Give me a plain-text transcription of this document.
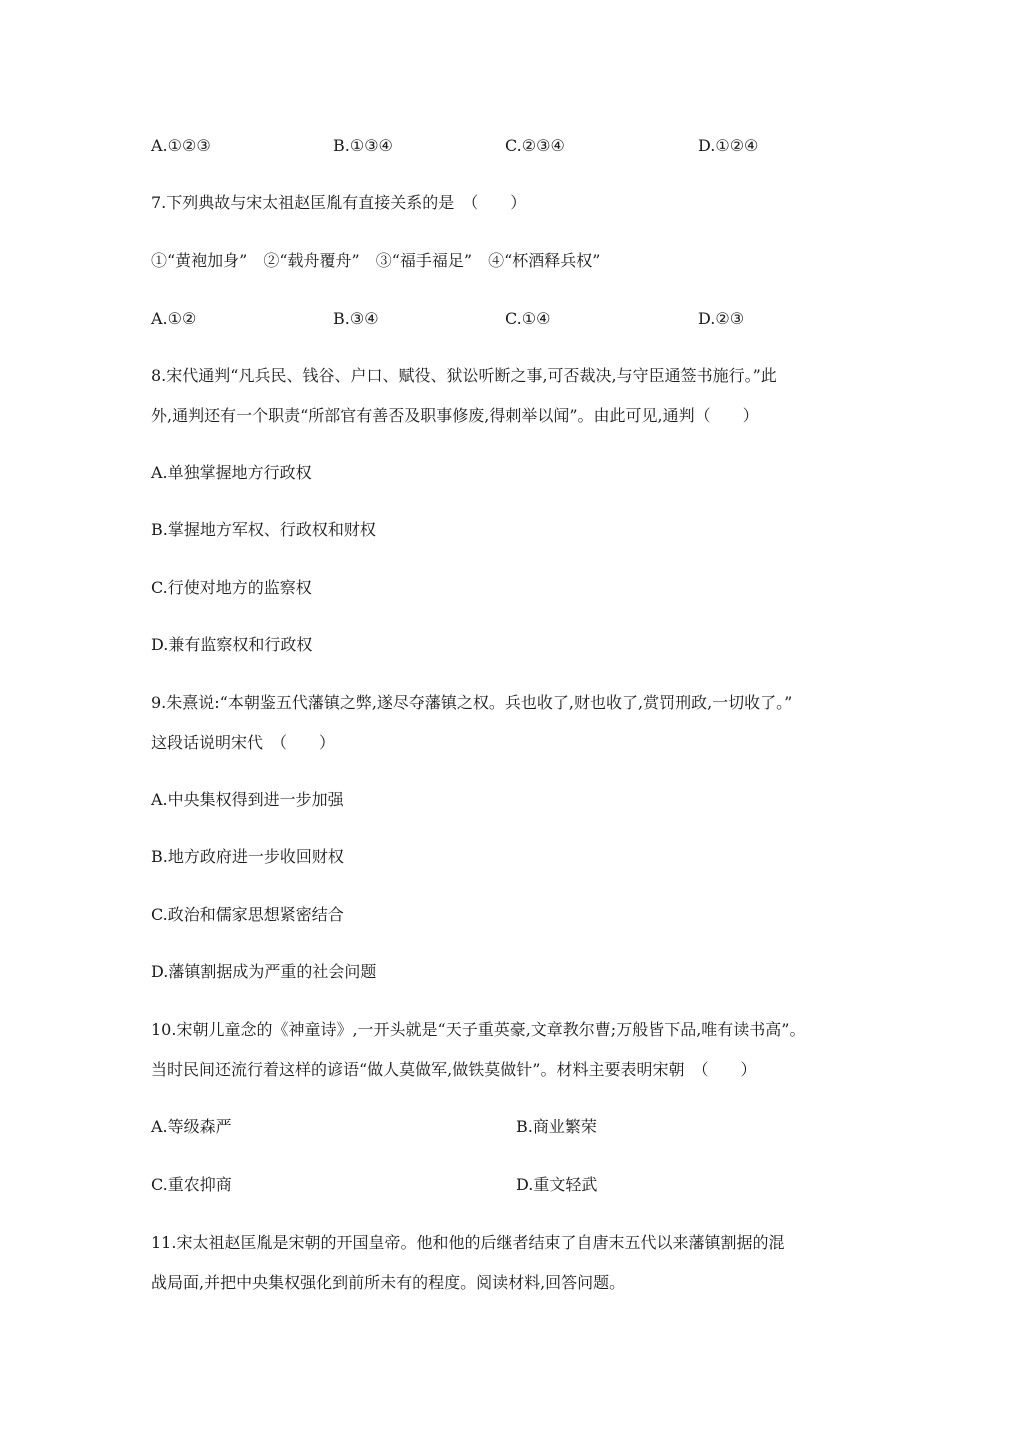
A.①②③	B.①③④	C.②③④	D.①②④
7.下列典故与宋太祖赵匡胤有直接关系的是　（　　）
①“黄袍加身”　②“载舟覆舟”　③“福手福足”　④“杯酒释兵权”
A.①②	B.③④	C.①④	D.②③
8.宋代通判“凡兵民、钱谷、户口、赋役、狱讼听断之事,可否裁决,与守臣通签书施行。”此
外,通判还有一个职责“所部官有善否及职事修废,得刺举以闻”。由此可见,通判（　　）
A.单独掌握地方行政权
B.掌握地方军权、行政权和财权
C.行使对地方的监察权
D.兼有监察权和行政权
9.朱熹说:“本朝鉴五代藩镇之弊,遂尽夺藩镇之权。兵也收了,财也收了,赏罚刑政,一切收了。”
这段话说明宋代　（　　）
A.中央集权得到进一步加强
B.地方政府进一步收回财权
C.政治和儒家思想紧密结合
D.藩镇割据成为严重的社会问题
10.宋朝儿童念的《神童诗》,一开头就是“天子重英豪,文章教尔曹;万般皆下品,唯有读书高”。
当时民间还流行着这样的谚语“做人莫做军,做铁莫做针”。材料主要表明宋朝　（　　）
A.等级森严	B.商业繁荣
C.重农抑商	D.重文轻武
11.宋太祖赵匡胤是宋朝的开国皇帝。他和他的后继者结束了自唐末五代以来藩镇割据的混
战局面,并把中央集权强化到前所未有的程度。阅读材料,回答问题。
